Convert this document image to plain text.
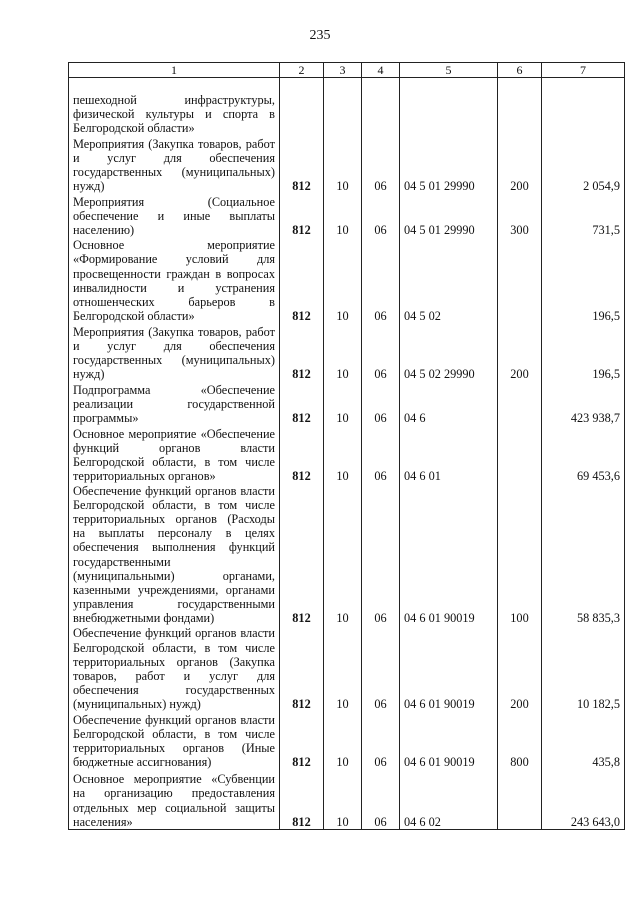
235
1	2	3	4	5	6	7
пешеходной инфраструктуры, физической культуры и спорта в Белгородской области»						
Мероприятия (Закупка товаров, работ и услуг для обеспечения государственных (муниципальных) нужд)	812	10	06	04 5 01 29990	200	2 054,9
Мероприятия (Социальное обеспечение и иные выплаты населению)	812	10	06	04 5 01 29990	300	731,5
Основное мероприятие «Формирование условий для просвещенности граждан в вопросах инвалидности и устранения отношенческих барьеров в Белгородской области»	812	10	06	04 5 02		196,5
Мероприятия (Закупка товаров, работ и услуг для обеспечения государственных (муниципальных) нужд)	812	10	06	04 5 02 29990	200	196,5
Подпрограмма «Обеспечение реализации государственной программы»	812	10	06	04 6		423 938,7
Основное мероприятие «Обеспечение функций органов власти Белгородской области, в том числе территориальных органов»	812	10	06	04 6 01		69 453,6
Обеспечение функций органов власти Белгородской области, в том числе территориальных органов (Расходы на выплаты персоналу в целях обеспечения выполнения функций государственными (муниципальными) органами, казенными учреждениями, органами управления государственными внебюджетными фондами)	812	10	06	04 6 01 90019	100	58 835,3
Обеспечение функций органов власти Белгородской области, в том числе территориальных органов (Закупка товаров, работ и услуг для обеспечения государственных (муниципальных) нужд)	812	10	06	04 6 01 90019	200	10 182,5
Обеспечение функций органов власти Белгородской области, в том числе территориальных органов (Иные бюджетные ассигнования)	812	10	06	04 6 01 90019	800	435,8
Основное мероприятие «Субвенции на организацию предоставления отдельных мер социальной защиты населения»	812	10	06	04 6 02		243 643,0
